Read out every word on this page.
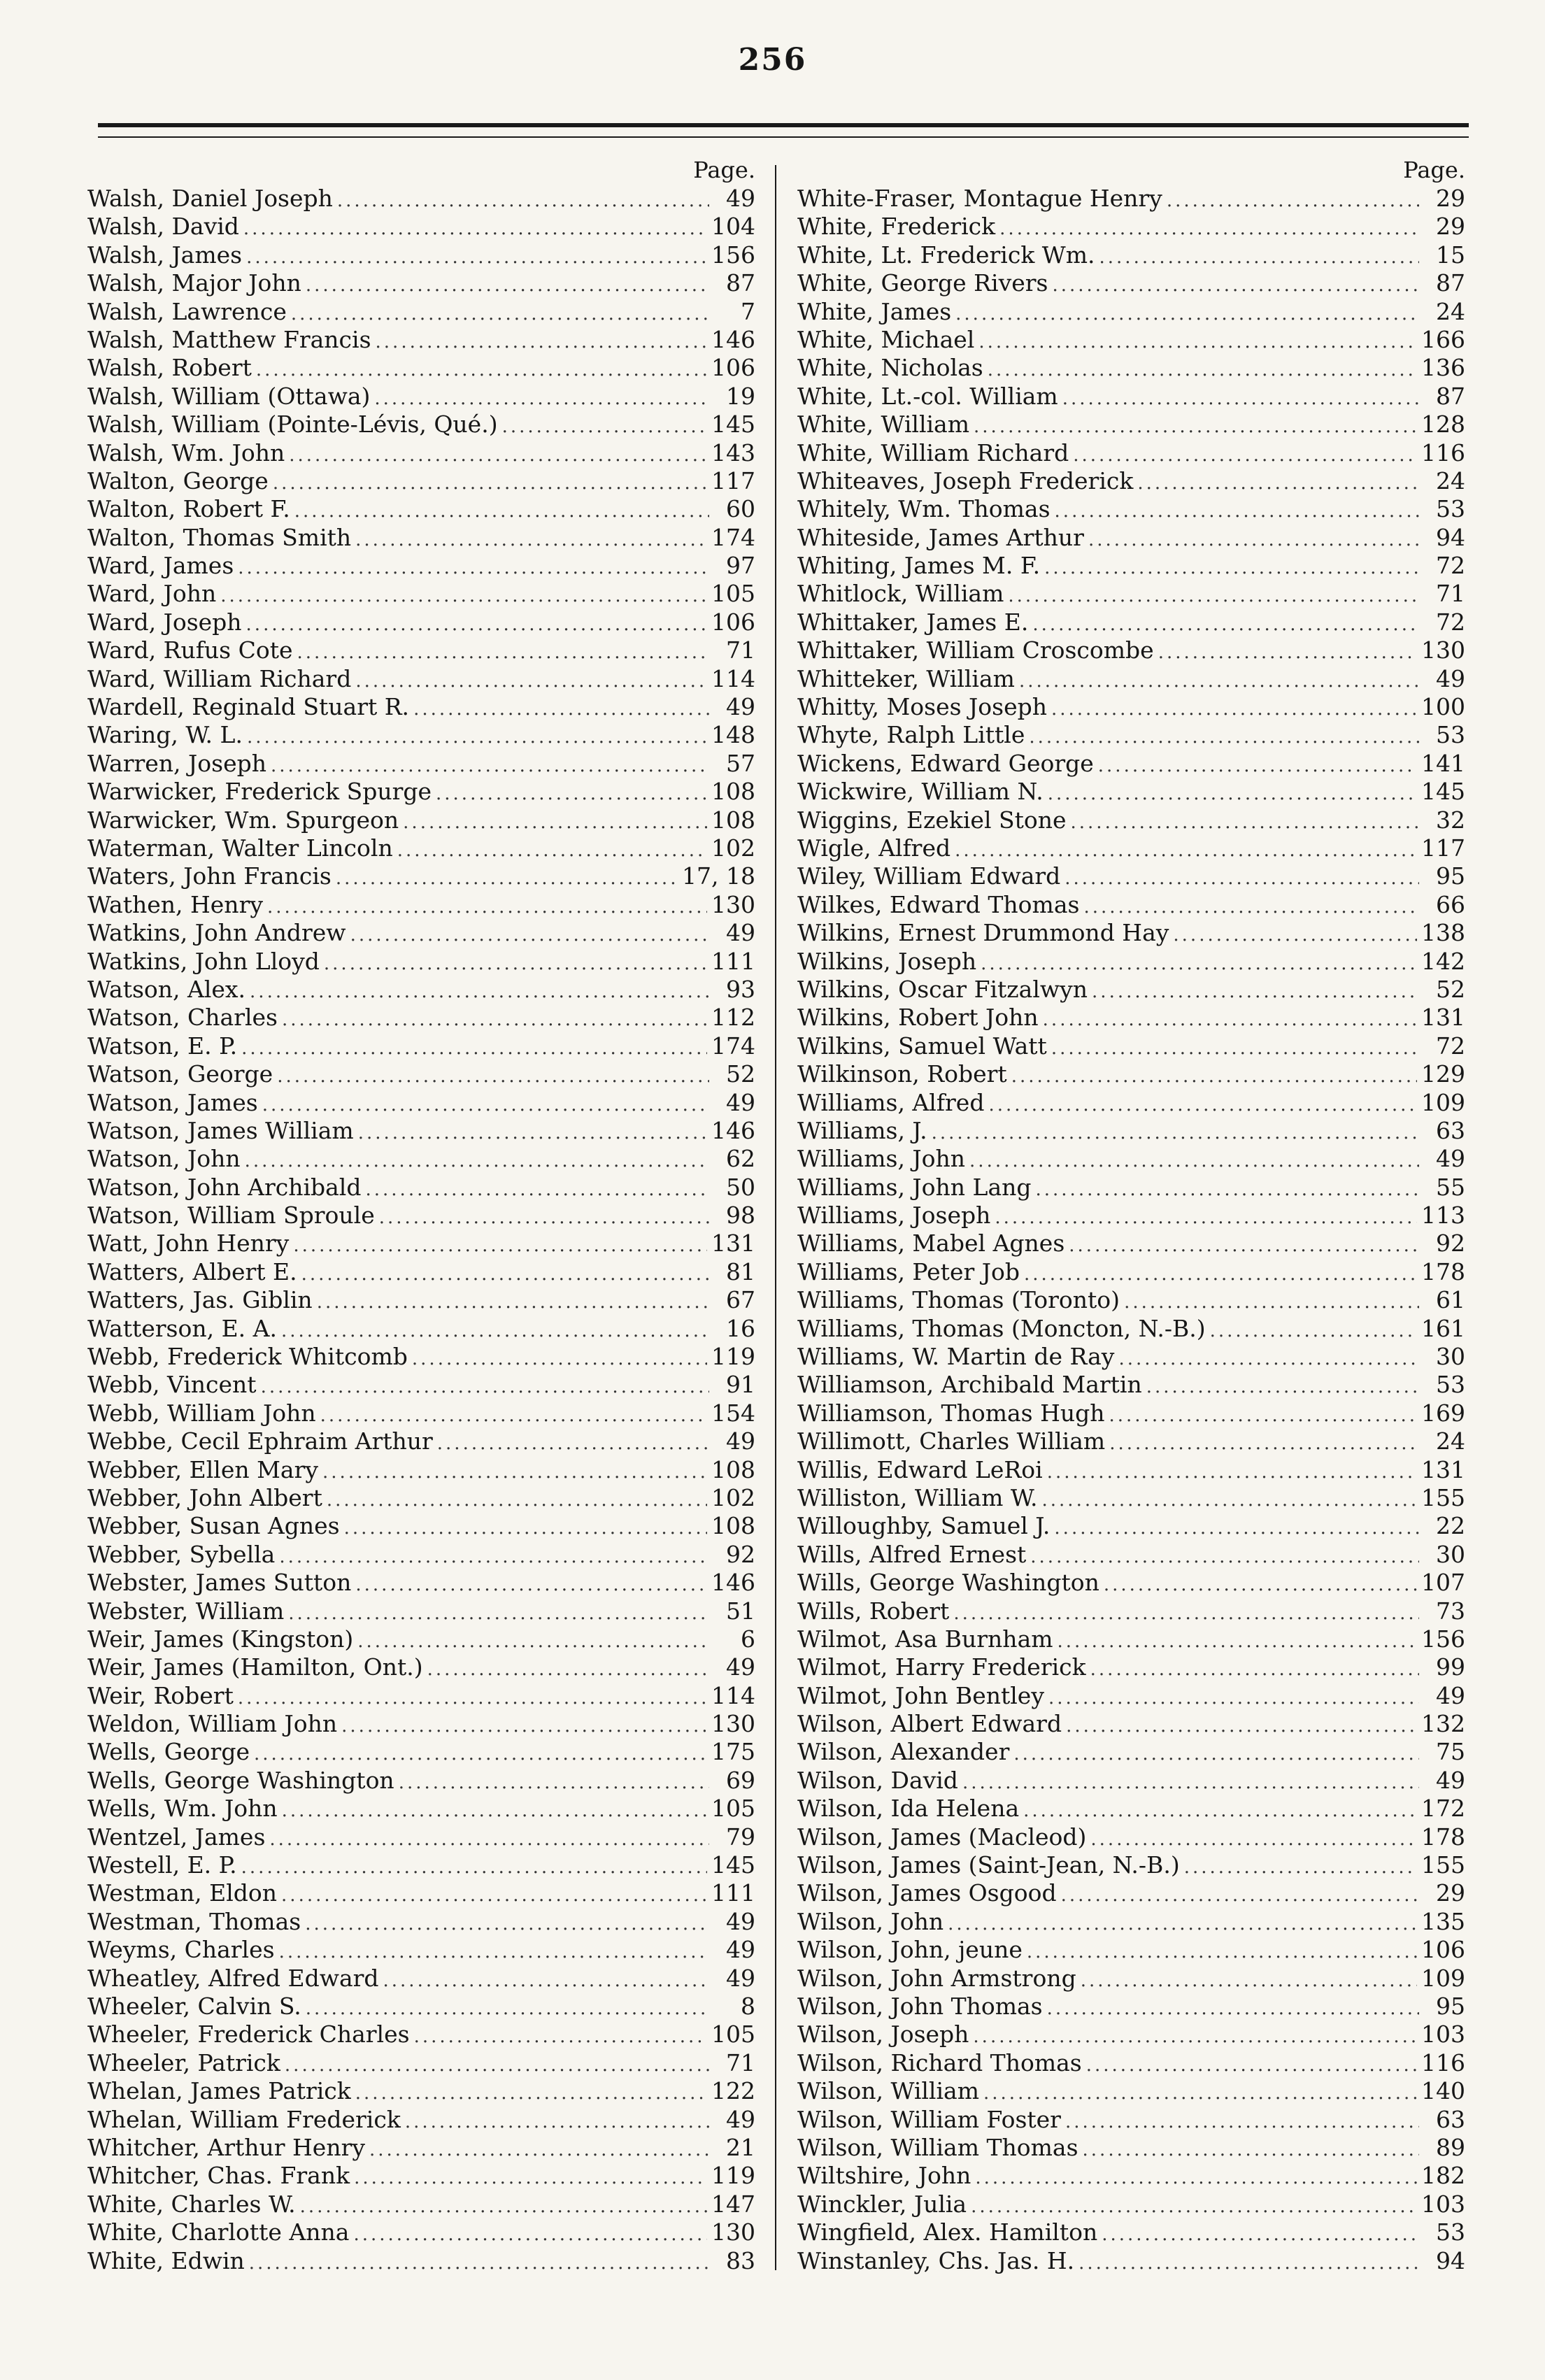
256
Page.
Walsh, Daniel Joseph .....	49
Walsh, David .....	104
Walsh, James .....	156
Walsh, Major John .....	87
Walsh, Lawrence .....	7
Walsh, Matthew Francis .....	146
Walsh, Robert .....	106
Walsh, William (Ottawa) .....	19
Walsh, William (Pointe-Lévis, Qué.) .....	145
Walsh, Wm. John .....	143
Walton, George .....	117
Walton, Robert F. .....	60
Walton, Thomas Smith .....	174
Ward, James .....	97
Ward, John .....	105
Ward, Joseph .....	106
Ward, Rufus Cote .....	71
Ward, William Richard .....	114
Wardell, Reginald Stuart R. .....	49
Waring, W. L. .....	148
Warren, Joseph .....	57
Warwicker, Frederick Spurge .....	108
Warwicker, Wm. Spurgeon .....	108
Waterman, Walter Lincoln .....	102
Waters, John Francis .....	17, 18
Wathen, Henry .....	130
Watkins, John Andrew .....	49
Watkins, John Lloyd .....	111
Watson, Alex. .....	93
Watson, Charles .....	112
Watson, E. P. .....	174
Watson, George .....	52
Watson, James .....	49
Watson, James William .....	146
Watson, John .....	62
Watson, John Archibald .....	50
Watson, William Sproule .....	98
Watt, John Henry .....	131
Watters, Albert E. .....	81
Watters, Jas. Giblin .....	67
Watterson, E. A. .....	16
Webb, Frederick Whitcomb .....	119
Webb, Vincent .....	91
Webb, William John .....	154
Webbe, Cecil Ephraim Arthur .....	49
Webber, Ellen Mary .....	108
Webber, John Albert .....	102
Webber, Susan Agnes .....	108
Webber, Sybella .....	92
Webster, James Sutton .....	146
Webster, William .....	51
Weir, James (Kingston) .....	6
Weir, James (Hamilton, Ont.) .....	49
Weir, Robert .....	114
Weldon, William John .....	130
Wells, George .....	175
Wells, George Washington .....	69
Wells, Wm. John .....	105
Wentzel, James .....	79
Westell, E. P. .....	145
Westman, Eldon .....	111
Westman, Thomas .....	49
Weyms, Charles .....	49
Wheatley, Alfred Edward .....	49
Wheeler, Calvin S. .....	8
Wheeler, Frederick Charles .....	105
Wheeler, Patrick .....	71
Whelan, James Patrick .....	122
Whelan, William Frederick .....	49
Whitcher, Arthur Henry .....	21
Whitcher, Chas. Frank .....	119
White, Charles W. .....	147
White, Charlotte Anna .....	130
White, Edwin .....	83
Page.
White-Fraser, Montague Henry .....	29
White, Frederick .....	29
White, Lt. Frederick Wm. .....	15
White, George Rivers .....	87
White, James .....	24
White, Michael .....	166
White, Nicholas .....	136
White, Lt.-col. William .....	87
White, William .....	128
White, William Richard .....	116
Whiteaves, Joseph Frederick .....	24
Whitely, Wm. Thomas .....	53
Whiteside, James Arthur .....	94
Whiting, James M. F. .....	72
Whitlock, William .....	71
Whittaker, James E. .....	72
Whittaker, William Croscombe .....	130
Whitteker, William .....	49
Whitty, Moses Joseph .....	100
Whyte, Ralph Little .....	53
Wickens, Edward George .....	141
Wickwire, William N. .....	145
Wiggins, Ezekiel Stone .....	32
Wigle, Alfred .....	117
Wiley, William Edward .....	95
Wilkes, Edward Thomas .....	66
Wilkins, Ernest Drummond Hay .....	138
Wilkins, Joseph .....	142
Wilkins, Oscar Fitzalwyn .....	52
Wilkins, Robert John .....	131
Wilkins, Samuel Watt .....	72
Wilkinson, Robert .....	129
Williams, Alfred .....	109
Williams, J. .....	63
Williams, John .....	49
Williams, John Lang .....	55
Williams, Joseph .....	113
Williams, Mabel Agnes .....	92
Williams, Peter Job .....	178
Williams, Thomas (Toronto) .....	61
Williams, Thomas (Moncton, N.-B.) .....	161
Williams, W. Martin de Ray .....	30
Williamson, Archibald Martin .....	53
Williamson, Thomas Hugh .....	169
Willimott, Charles William .....	24
Willis, Edward LeRoi .....	131
Williston, William W. .....	155
Willoughby, Samuel J. .....	22
Wills, Alfred Ernest .....	30
Wills, George Washington .....	107
Wills, Robert .....	73
Wilmot, Asa Burnham .....	156
Wilmot, Harry Frederick .....	99
Wilmot, John Bentley .....	49
Wilson, Albert Edward .....	132
Wilson, Alexander .....	75
Wilson, David .....	49
Wilson, Ida Helena .....	172
Wilson, James (Macleod) .....	178
Wilson, James (Saint-Jean, N.-B.) .....	155
Wilson, James Osgood .....	29
Wilson, John .....	135
Wilson, John, jeune .....	106
Wilson, John Armstrong .....	109
Wilson, John Thomas .....	95
Wilson, Joseph .....	103
Wilson, Richard Thomas .....	116
Wilson, William .....	140
Wilson, William Foster .....	63
Wilson, William Thomas .....	89
Wiltshire, John .....	182
Winckler, Julia .....	103
Wingfield, Alex. Hamilton .....	53
Winstanley, Chs. Jas. H. .....	94
